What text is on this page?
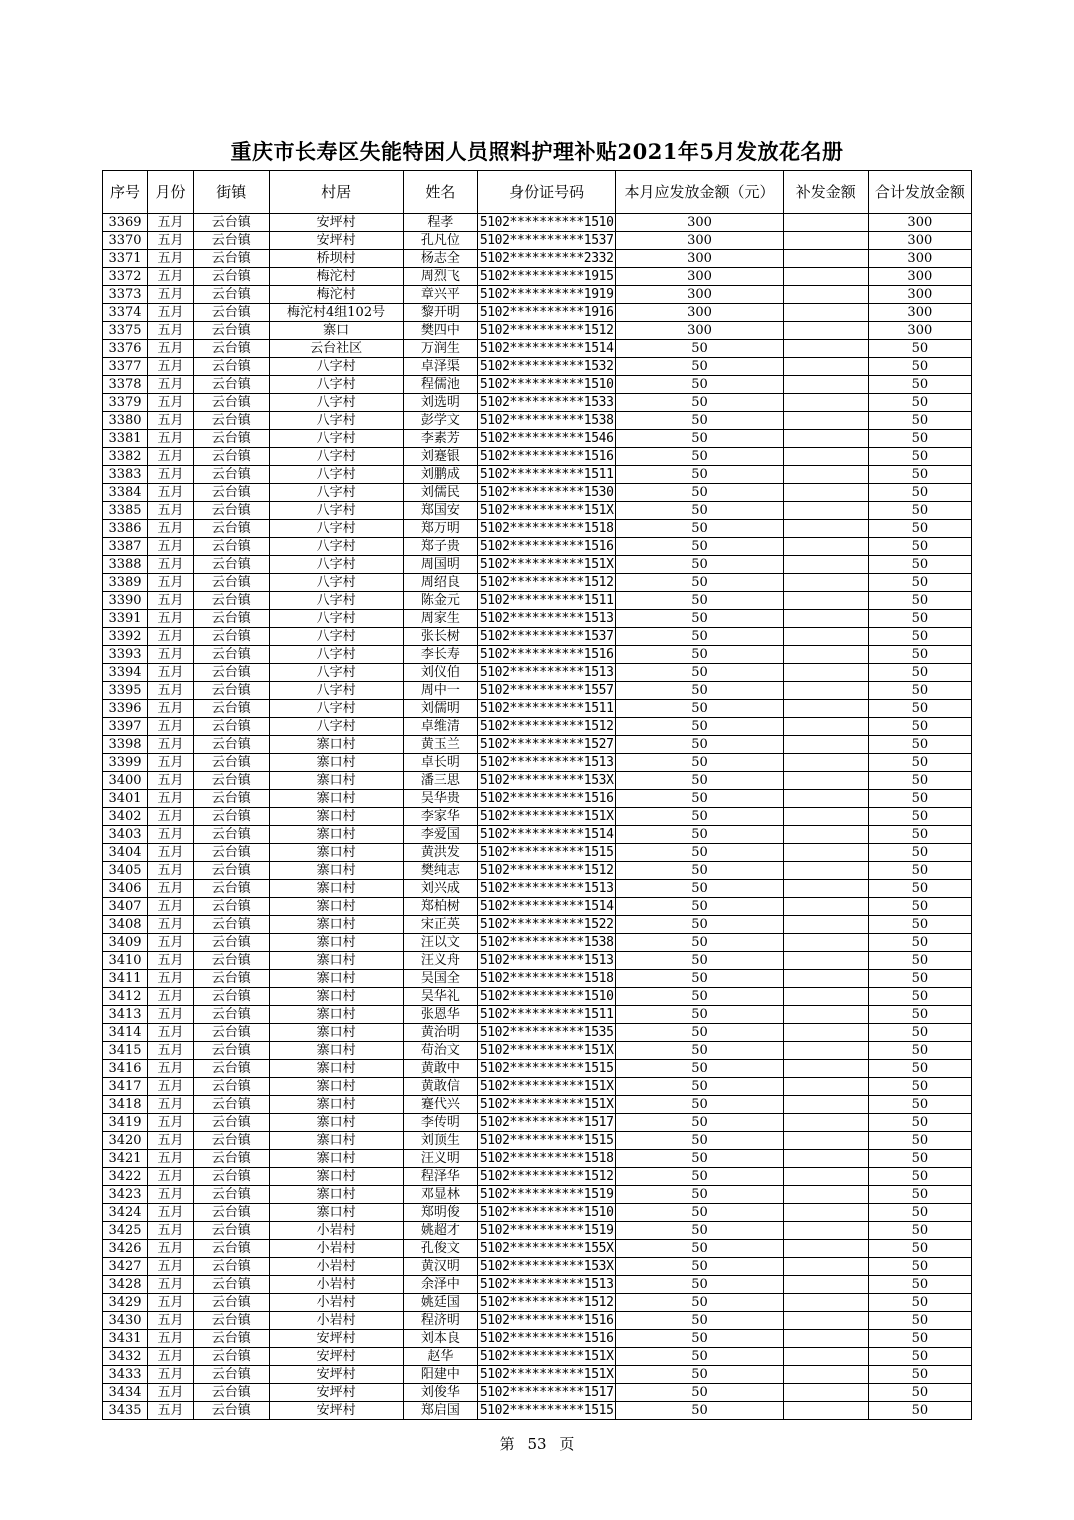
重庆市长寿区失能特困人员照料护理补贴2021年5月发放花名册
序号	月份	街镇	村居	姓名	身份证号码	本月应发放金额（元）	补发金额	合计发放金额
3369	五月	云台镇	安坪村	程孝	5102**********1510	300		300
3370	五月	云台镇	安坪村	孔凡位	5102**********1537	300		300
3371	五月	云台镇	桥坝村	杨志全	5102**********2332	300		300
3372	五月	云台镇	梅沱村	周烈飞	5102**********1915	300		300
3373	五月	云台镇	梅沱村	章兴平	5102**********1919	300		300
3374	五月	云台镇	梅沱村4组102号	黎开明	5102**********1916	300		300
3375	五月	云台镇	寨口	樊四中	5102**********1512	300		300
3376	五月	云台镇	云台社区	万润生	5102**********1514	50		50
3377	五月	云台镇	八字村	卓泽渠	5102**********1532	50		50
3378	五月	云台镇	八字村	程儒池	5102**********1510	50		50
3379	五月	云台镇	八字村	刘选明	5102**********1533	50		50
3380	五月	云台镇	八字村	彭学文	5102**********1538	50		50
3381	五月	云台镇	八字村	李素芳	5102**********1546	50		50
3382	五月	云台镇	八字村	刘蹇银	5102**********1516	50		50
3383	五月	云台镇	八字村	刘鹏成	5102**********1511	50		50
3384	五月	云台镇	八字村	刘儒民	5102**********1530	50		50
3385	五月	云台镇	八字村	郑国安	5102**********151X	50		50
3386	五月	云台镇	八字村	郑万明	5102**********1518	50		50
3387	五月	云台镇	八字村	郑子贵	5102**********1516	50		50
3388	五月	云台镇	八字村	周国明	5102**********151X	50		50
3389	五月	云台镇	八字村	周绍良	5102**********1512	50		50
3390	五月	云台镇	八字村	陈金元	5102**********1511	50		50
3391	五月	云台镇	八字村	周家生	5102**********1513	50		50
3392	五月	云台镇	八字村	张长树	5102**********1537	50		50
3393	五月	云台镇	八字村	李长寿	5102**********1516	50		50
3394	五月	云台镇	八字村	刘仪伯	5102**********1513	50		50
3395	五月	云台镇	八字村	周中一	5102**********1557	50		50
3396	五月	云台镇	八字村	刘儒明	5102**********1511	50		50
3397	五月	云台镇	八字村	卓维清	5102**********1512	50		50
3398	五月	云台镇	寨口村	黄玉兰	5102**********1527	50		50
3399	五月	云台镇	寨口村	卓长明	5102**********1513	50		50
3400	五月	云台镇	寨口村	潘三思	5102**********153X	50		50
3401	五月	云台镇	寨口村	吴华贵	5102**********1516	50		50
3402	五月	云台镇	寨口村	李家华	5102**********151X	50		50
3403	五月	云台镇	寨口村	李爱国	5102**********1514	50		50
3404	五月	云台镇	寨口村	黄洪发	5102**********1515	50		50
3405	五月	云台镇	寨口村	樊纯志	5102**********1512	50		50
3406	五月	云台镇	寨口村	刘兴成	5102**********1513	50		50
3407	五月	云台镇	寨口村	郑柏树	5102**********1514	50		50
3408	五月	云台镇	寨口村	宋正英	5102**********1522	50		50
3409	五月	云台镇	寨口村	汪以文	5102**********1538	50		50
3410	五月	云台镇	寨口村	汪义舟	5102**********1513	50		50
3411	五月	云台镇	寨口村	吴国全	5102**********1518	50		50
3412	五月	云台镇	寨口村	吴华礼	5102**********1510	50		50
3413	五月	云台镇	寨口村	张恩华	5102**********1511	50		50
3414	五月	云台镇	寨口村	黄治明	5102**********1535	50		50
3415	五月	云台镇	寨口村	苟治文	5102**********151X	50		50
3416	五月	云台镇	寨口村	黄敢中	5102**********1515	50		50
3417	五月	云台镇	寨口村	黄敢信	5102**********151X	50		50
3418	五月	云台镇	寨口村	蹇代兴	5102**********151X	50		50
3419	五月	云台镇	寨口村	李传明	5102**********1517	50		50
3420	五月	云台镇	寨口村	刘顶生	5102**********1515	50		50
3421	五月	云台镇	寨口村	汪义明	5102**********1518	50		50
3422	五月	云台镇	寨口村	程泽华	5102**********1512	50		50
3423	五月	云台镇	寨口村	邓显林	5102**********1519	50		50
3424	五月	云台镇	寨口村	郑明俊	5102**********1510	50		50
3425	五月	云台镇	小岩村	姚超才	5102**********1519	50		50
3426	五月	云台镇	小岩村	孔俊文	5102**********155X	50		50
3427	五月	云台镇	小岩村	黄汉明	5102**********153X	50		50
3428	五月	云台镇	小岩村	余泽中	5102**********1513	50		50
3429	五月	云台镇	小岩村	姚廷国	5102**********1512	50		50
3430	五月	云台镇	小岩村	程济明	5102**********1516	50		50
3431	五月	云台镇	安坪村	刘本良	5102**********1516	50		50
3432	五月	云台镇	安坪村	赵华	5102**********151X	50		50
3433	五月	云台镇	安坪村	阳建中	5102**********151X	50		50
3434	五月	云台镇	安坪村	刘俊华	5102**********1517	50		50
3435	五月	云台镇	安坪村	郑启国	5102**********1515	50		50
第 53 页
